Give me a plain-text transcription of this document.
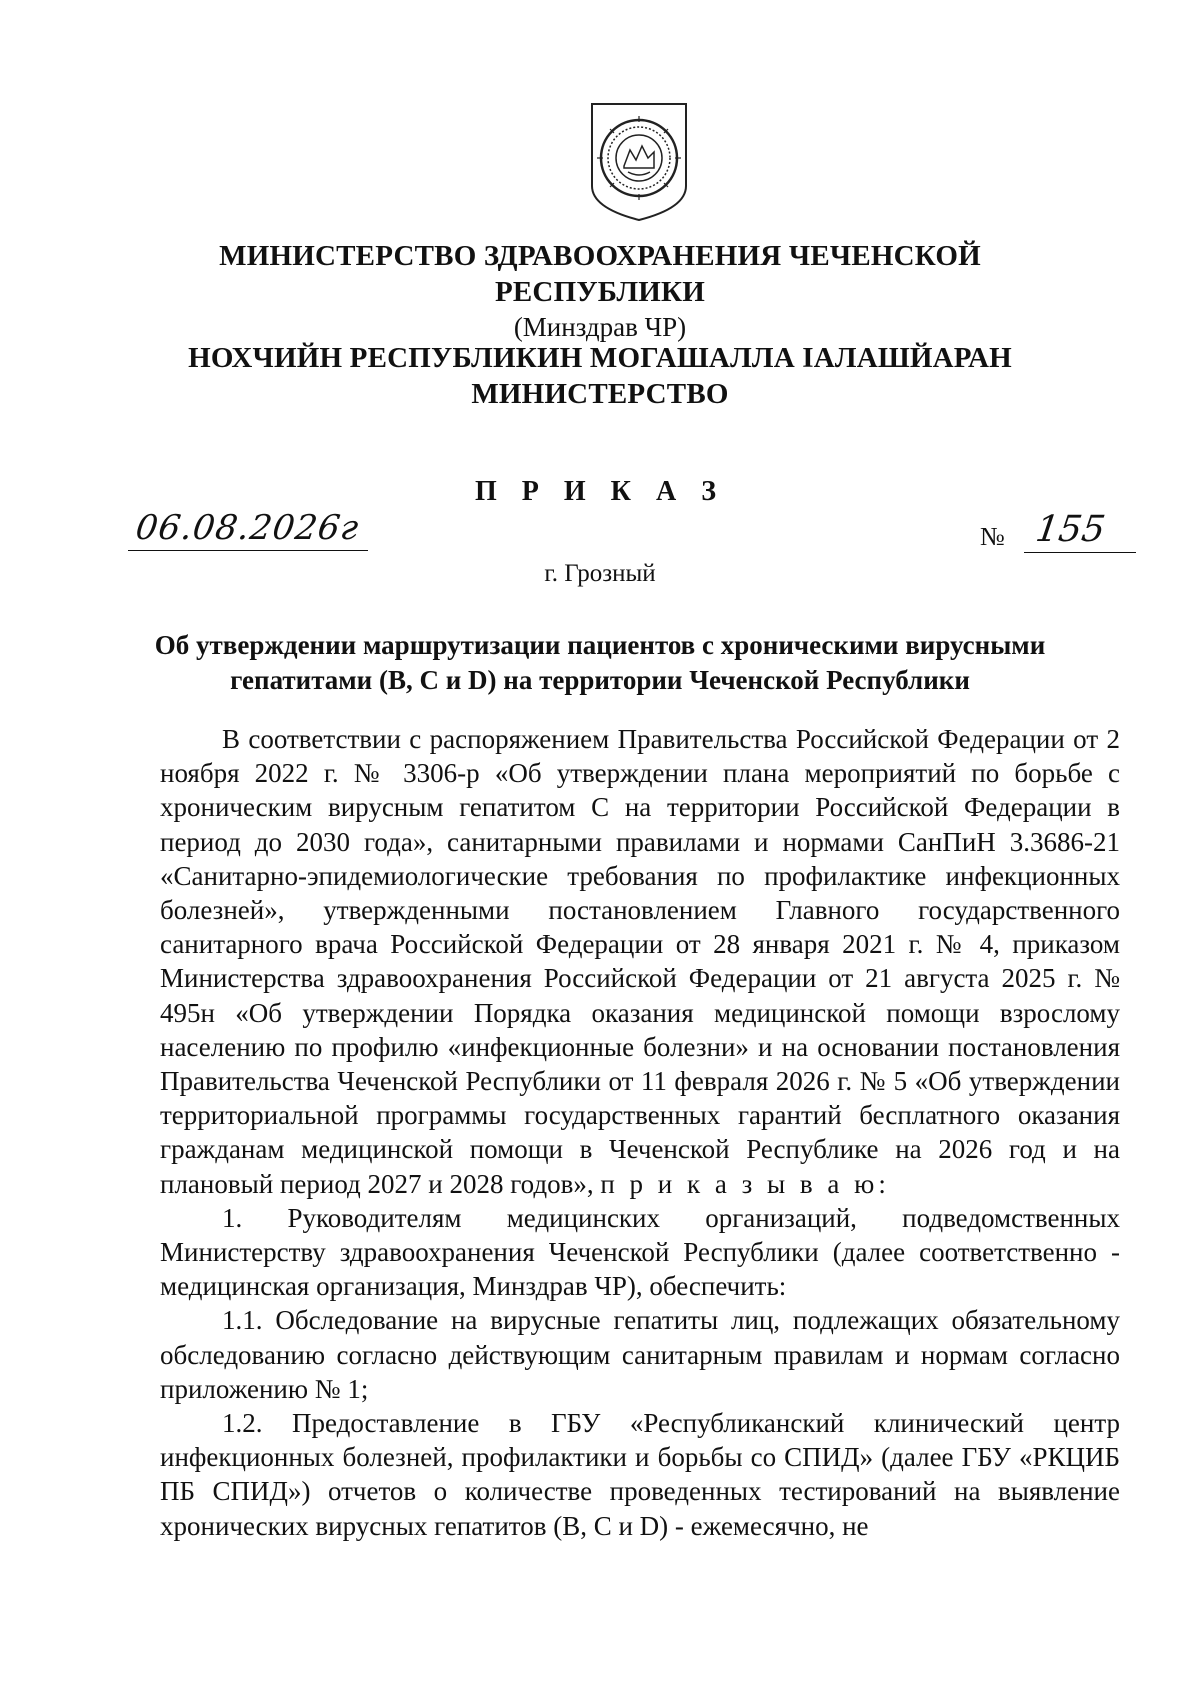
МИНИСТЕРСТВО ЗДРАВООХРАНЕНИЯ ЧЕЧЕНСКОЙ РЕСПУБЛИКИ
(Минздрав ЧР)
НОХЧИЙН РЕСПУБЛИКИН МОГАШАЛЛА ΙАЛАШЙАРАН МИНИСТЕРСТВО
П Р И К А З
06.08.2026г	№ 155
г. Грозный
Об утверждении маршрутизации пациентов с хроническими вирусными гепатитами (B, C и D) на территории Чеченской Республики

В соответствии с распоряжением Правительства Российской Федерации от 2 ноября 2022 г. № 3306-р «Об утверждении плана мероприятий по борьбе с хроническим вирусным гепатитом С на территории Российской Федерации в период до 2030 года», санитарными правилами и нормами СанПиН 3.3686-21 «Санитарно-эпидемиологические требования по профилактике инфекционных болезней», утвержденными постановлением Главного государственного санитарного врача Российской Федерации от 28 января 2021 г. № 4, приказом Министерства здравоохранения Российской Федерации от 21 августа 2025 г. № 495н «Об утверждении Порядка оказания медицинской помощи взрослому населению по профилю «инфекционные болезни» и на основании постановления Правительства Чеченской Республики от 11 февраля 2026 г. № 5 «Об утверждении территориальной программы государственных гарантий бесплатного оказания гражданам медицинской помощи в Чеченской Республике на 2026 год и на плановый период 2027 и 2028 годов», п р и к а з ы в а ю:

1. Руководителям медицинских организаций, подведомственных Министерству здравоохранения Чеченской Республики (далее соответственно - медицинская организация, Минздрав ЧР), обеспечить:

1.1. Обследование на вирусные гепатиты лиц, подлежащих обязательному обследованию согласно действующим санитарным правилам и нормам согласно приложению № 1;

1.2. Предоставление в ГБУ «Республиканский клинический центр инфекционных болезней, профилактики и борьбы со СПИД» (далее ГБУ «РКЦИБ ПБ СПИД») отчетов о количестве проведенных тестирований на выявление хронических вирусных гепатитов (B, C и D) - ежемесячно, не
